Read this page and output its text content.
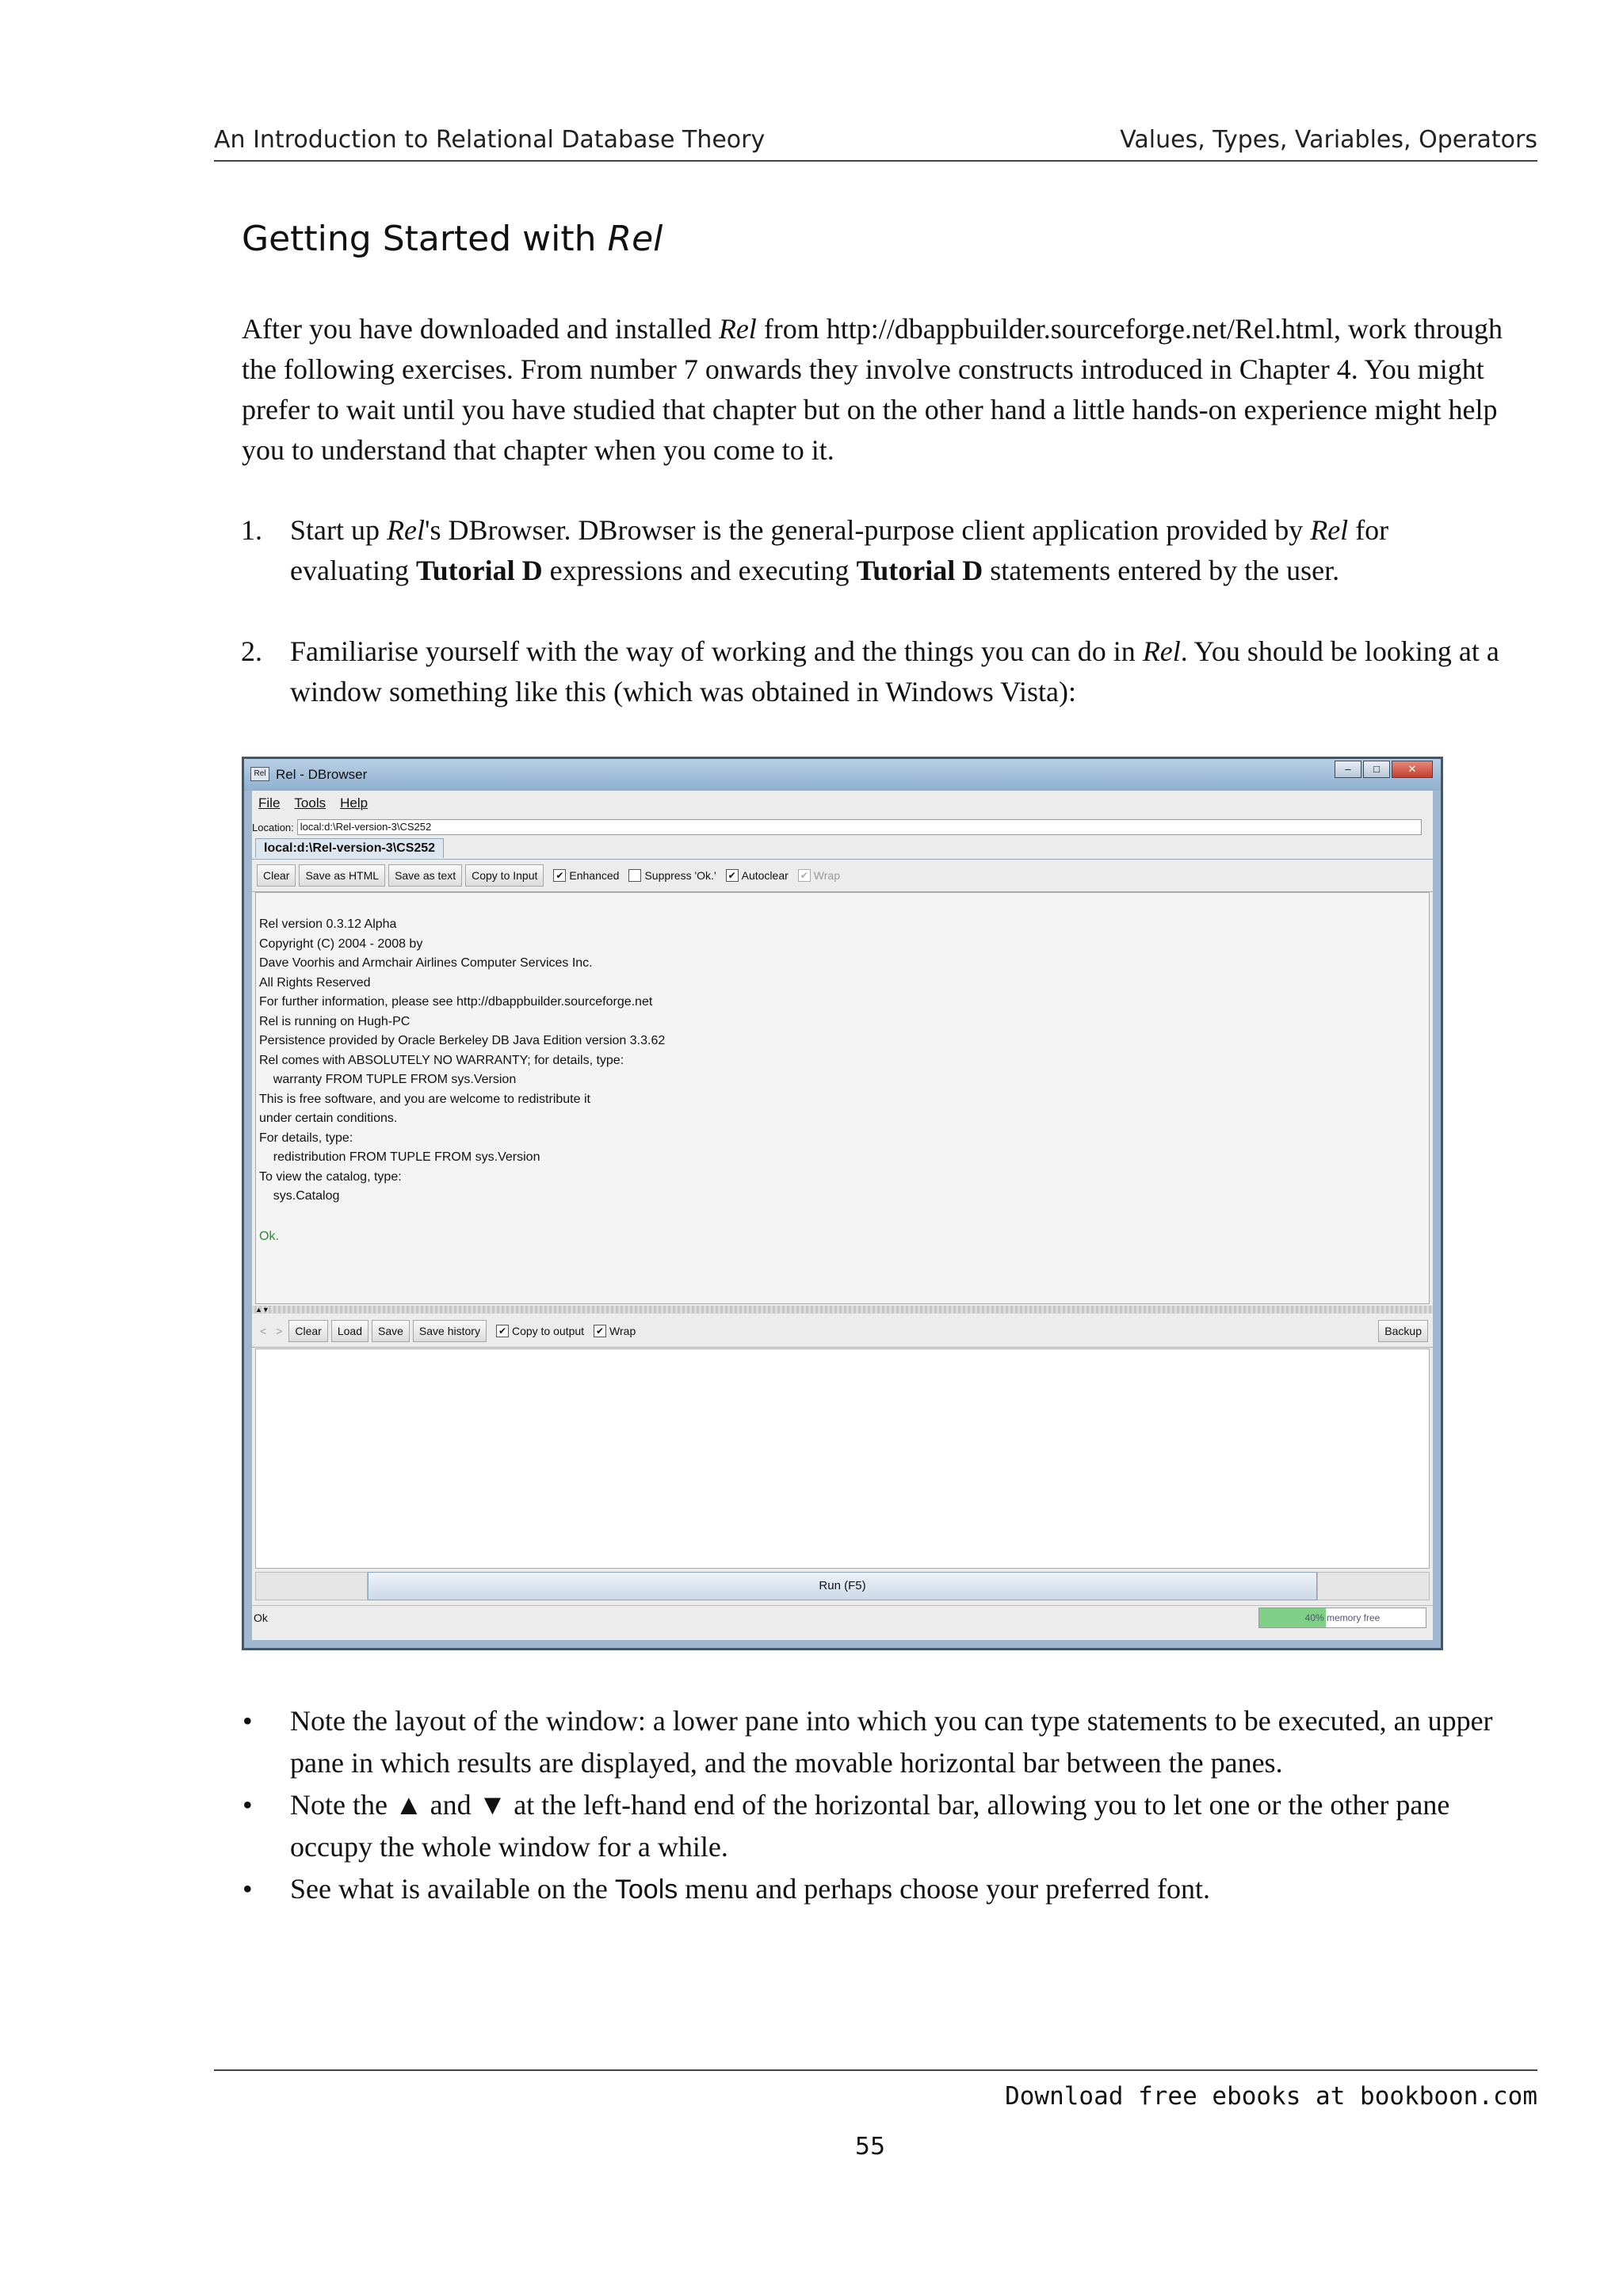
An Introduction to Relational Database Theory	Values, Types, Variables, Operators
Getting Started with Rel

After you have downloaded and installed Rel from http://dbappbuilder.sourceforge.net/Rel.html, work through the following exercises. From number 7 onwards they involve constructs introduced in Chapter 4. You might prefer to wait until you have studied that chapter but on the other hand a little hands-on experience might help you to understand that chapter when you come to it.

1. Start up Rel's DBrowser. DBrowser is the general-purpose client application provided by Rel for evaluating Tutorial D expressions and executing Tutorial D statements entered by the user.
2. Familiarise yourself with the way of working and the things you can do in Rel. You should be looking at a window something like this (which was obtained in Windows Vista):
Rel Rel - DBrowser	–	□	✕
File Tools Help
Location: local:d:\Rel-version-3\CS252
local:d:\Rel-version-3\CS252
Clear	Save as HTML	Save as text	Copy to Input	✔ Enhanced Suppress 'Ok.' ✔ Autoclear ✔ Wrap
Rel version 0.3.12 Alpha
Copyright (C) 2004 - 2008 by
Dave Voorhis and Armchair Airlines Computer Services Inc.
All Rights Reserved
For further information, please see http://dbappbuilder.sourceforge.net
Rel is running on Hugh-PC
Persistence provided by Oracle Berkeley DB Java Edition version 3.3.62
Rel comes with ABSOLUTELY NO WARRANTY; for details, type:
warranty FROM TUPLE FROM sys.Version
This is free software, and you are welcome to redistribute it
under certain conditions.
For details, type:
redistribution FROM TUPLE FROM sys.Version
To view the catalog, type:
sys.Catalog
Ok.
▲▼
< >	Clear	Load	Save	Save history	✔ Copy to output ✔ Wrap	Backup
Run (F5)
Ok	40% memory free
• Note the layout of the window: a lower pane into which you can type statements to be executed, an upper pane in which results are displayed, and the movable horizontal bar between the panes.
• Note the ▲ and ▼ at the left-hand end of the horizontal bar, allowing you to let one or the other pane occupy the whole window for a while.
• See what is available on the Tools menu and perhaps choose your preferred font.
Download free ebooks at bookboon.com
55
